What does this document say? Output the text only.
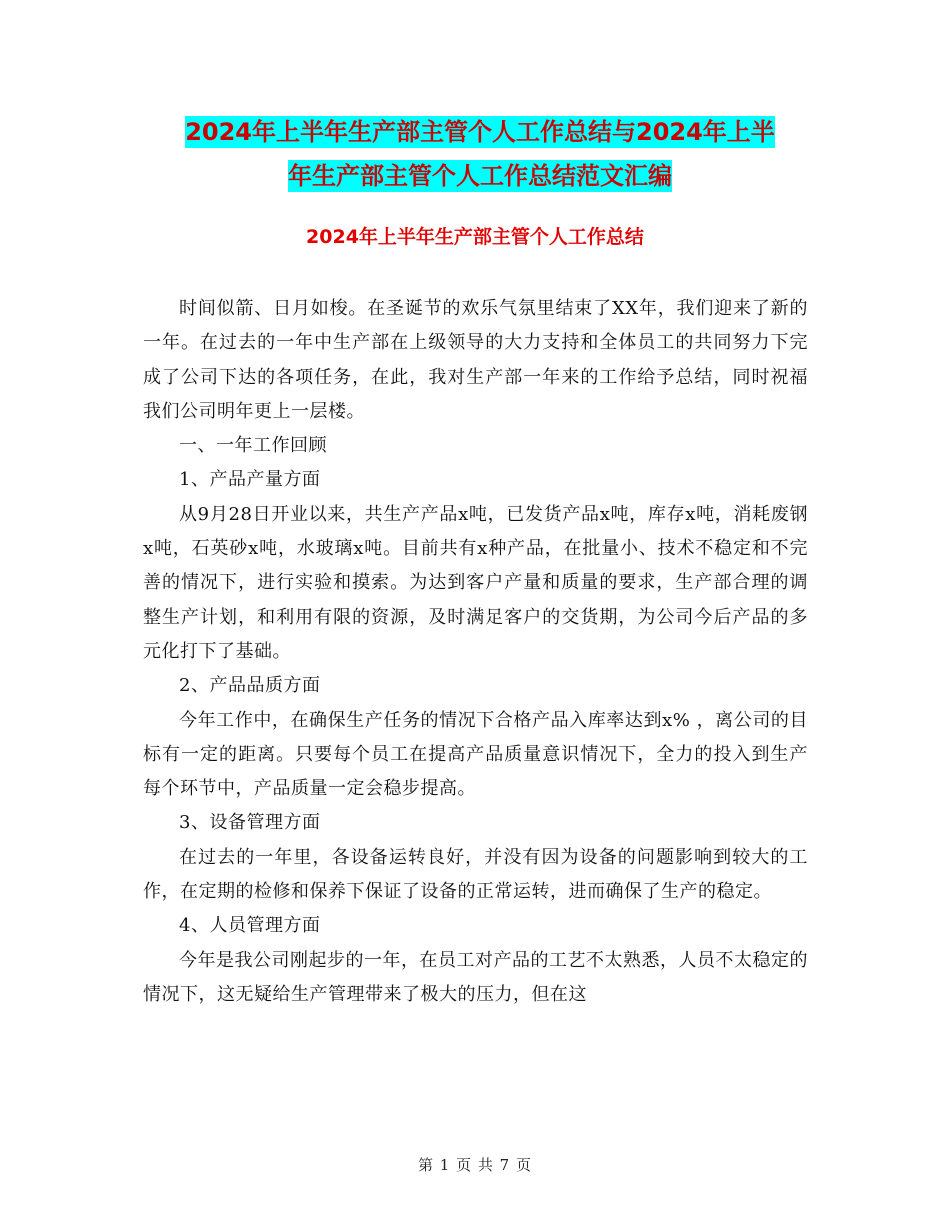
2024年上半年生产部主管个人工作总结与2024年上半
年生产部主管个人工作总结范文汇编
2024年上半年生产部主管个人工作总结

时间似箭、日月如梭。在圣诞节的欢乐气氛里结束了XX年，我们迎来了新的一年。在过去的一年中生产部在上级领导的大力支持和全体员工的共同努力下完成了公司下达的各项任务，在此，我对生产部一年来的工作给予总结，同时祝福我们公司明年更上一层楼。

一、一年工作回顾

1、产品产量方面

从9月28日开业以来，共生产产品x吨，已发货产品x吨，库存x吨，消耗废钢x吨，石英砂x吨，水玻璃x吨。目前共有x种产品，在批量小、技术不稳定和不完善的情况下，进行实验和摸索。为达到客户产量和质量的要求，生产部合理的调整生产计划，和利用有限的资源，及时满足客户的交货期，为公司今后产品的多元化打下了基础。

2、产品品质方面

今年工作中，在确保生产任务的情况下合格产品入库率达到x% ，离公司的目标有一定的距离。只要每个员工在提高产品质量意识情况下，全力的投入到生产每个环节中，产品质量一定会稳步提高。

3、设备管理方面

在过去的一年里，各设备运转良好，并没有因为设备的问题影响到较大的工作，在定期的检修和保养下保证了设备的正常运转，进而确保了生产的稳定。

4、人员管理方面

今年是我公司刚起步的一年，在员工对产品的工艺不太熟悉，人员不太稳定的情况下，这无疑给生产管理带来了极大的压力，但在这

第 1 页 共 7 页
